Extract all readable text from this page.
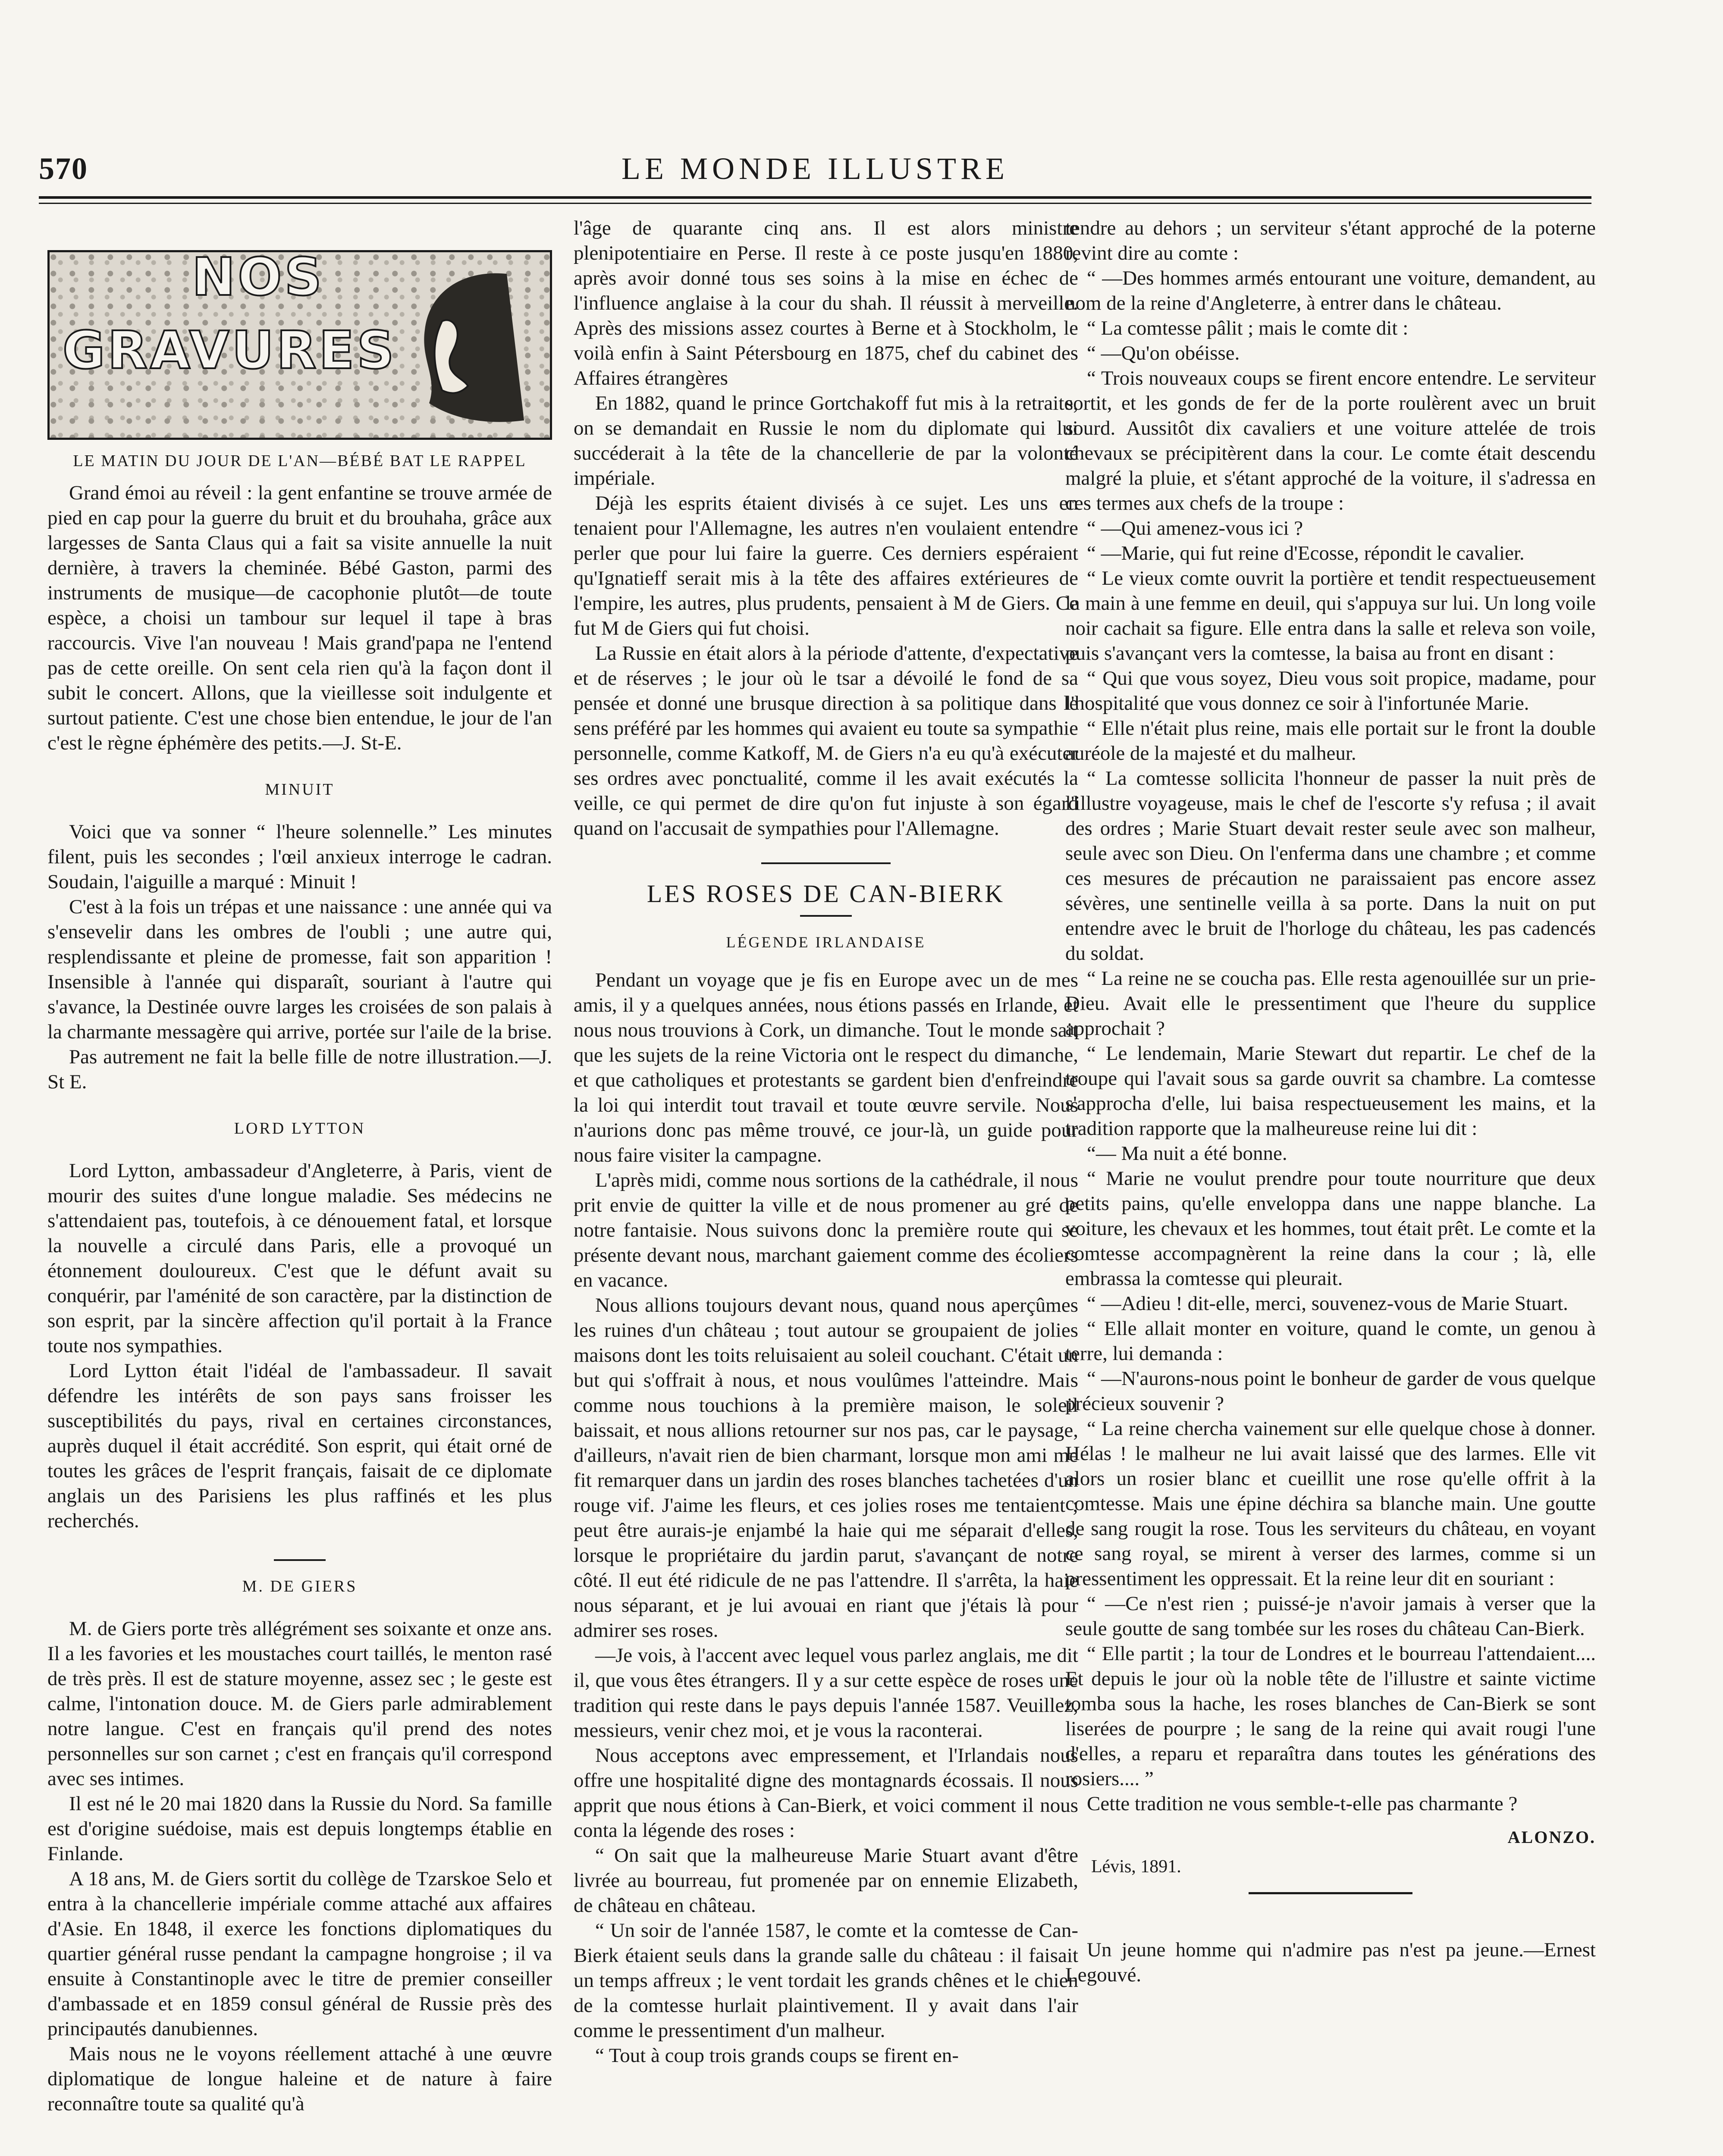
570	LE MONDE ILLUSTRE
NOS
GRAVURES
LE MATIN DU JOUR DE L'AN—BÉBÉ BAT LE RAPPEL

Grand émoi au réveil : la gent enfantine se trouve armée de pied en cap pour la guerre du bruit et du brouhaha, grâce aux largesses de Santa Claus qui a fait sa visite annuelle la nuit dernière, à travers la cheminée. Bébé Gaston, parmi des instruments de musique—de cacophonie plutôt—de toute espèce, a choisi un tambour sur lequel il tape à bras raccourcis. Vive l'an nouveau ! Mais grand'papa ne l'entend pas de cette oreille. On sent cela rien qu'à la façon dont il subit le concert. Allons, que la vieillesse soit indulgente et surtout patiente. C'est une chose bien entendue, le jour de l'an c'est le règne éphémère des petits.—J. St-E.

MINUIT

Voici que va sonner “ l'heure solennelle.” Les minutes filent, puis les secondes ; l'œil anxieux interroge le cadran. Soudain, l'aiguille a marqué : Minuit !

C'est à la fois un trépas et une naissance : une année qui va s'ensevelir dans les ombres de l'oubli ; une autre qui, resplendissante et pleine de promesse, fait son apparition ! Insensible à l'année qui disparaît, souriant à l'autre qui s'avance, la Destinée ouvre larges les croisées de son palais à la charmante messagère qui arrive, portée sur l'aile de la brise.

Pas autrement ne fait la belle fille de notre illustration.—J. St E.

LORD LYTTON

Lord Lytton, ambassadeur d'Angleterre, à Paris, vient de mourir des suites d'une longue maladie. Ses médecins ne s'attendaient pas, toutefois, à ce dénouement fatal, et lorsque la nouvelle a circulé dans Paris, elle a provoqué un étonnement douloureux. C'est que le défunt avait su conquérir, par l'aménité de son caractère, par la distinction de son esprit, par la sincère affection qu'il portait à la France toute nos sympathies.

Lord Lytton était l'idéal de l'ambassadeur. Il savait défendre les intérêts de son pays sans froisser les susceptibilités du pays, rival en certaines circonstances, auprès duquel il était accrédité. Son esprit, qui était orné de toutes les grâces de l'esprit français, faisait de ce diplomate anglais un des Parisiens les plus raffinés et les plus recherchés.

M. DE GIERS

M. de Giers porte très allégrément ses soixante et onze ans. Il a les favories et les moustaches court taillés, le menton rasé de très près. Il est de stature moyenne, assez sec ; le geste est calme, l'intonation douce. M. de Giers parle admirablement notre langue. C'est en français qu'il prend des notes personnelles sur son carnet ; c'est en français qu'il correspond avec ses intimes.

Il est né le 20 mai 1820 dans la Russie du Nord. Sa famille est d'origine suédoise, mais est depuis longtemps établie en Finlande.

A 18 ans, M. de Giers sortit du collège de Tzarskoe Selo et entra à la chancellerie impériale comme attaché aux affaires d'Asie. En 1848, il exerce les fonctions diplomatiques du quartier général russe pendant la campagne hongroise ; il va ensuite à Constantinople avec le titre de premier conseiller d'ambassade et en 1859 consul général de Russie près des principautés danubiennes.

Mais nous ne le voyons réellement attaché à une œuvre diplomatique de longue haleine et de nature à faire reconnaître toute sa qualité qu'à

l'âge de quarante cinq ans. Il est alors ministre plenipotentiaire en Perse. Il reste à ce poste jusqu'en 1880, après avoir donné tous ses soins à la mise en échec de l'influence anglaise à la cour du shah. Il réussit à merveille. Après des missions assez courtes à Berne et à Stockholm, le voilà enfin à Saint Pétersbourg en 1875, chef du cabinet des Affaires étrangères

En 1882, quand le prince Gortchakoff fut mis à la retraite, on se demandait en Russie le nom du diplomate qui lui succéderait à la tête de la chancellerie de par la volonté impériale.

Déjà les esprits étaient divisés à ce sujet. Les uns en tenaient pour l'Allemagne, les autres n'en voulaient entendre perler que pour lui faire la guerre. Ces derniers espéraient qu'Ignatieff serait mis à la tête des affaires extérieures de l'empire, les autres, plus prudents, pensaient à M de Giers. Ce fut M de Giers qui fut choisi.

La Russie en était alors à la période d'attente, d'expectative et de réserves ; le jour où le tsar a dévoilé le fond de sa pensée et donné une brusque direction à sa politique dans le sens préféré par les hommes qui avaient eu toute sa sympathie personnelle, comme Katkoff, M. de Giers n'a eu qu'à exécuter ses ordres avec ponctualité, comme il les avait exécutés la veille, ce qui permet de dire qu'on fut injuste à son égard quand on l'accusait de sympathies pour l'Allemagne.

LES ROSES DE CAN-BIERK
LÉGENDE IRLANDAISE

Pendant un voyage que je fis en Europe avec un de mes amis, il y a quelques années, nous étions passés en Irlande, et nous nous trouvions à Cork, un dimanche. Tout le monde sait que les sujets de la reine Victoria ont le respect du dimanche, et que catholiques et protestants se gardent bien d'enfreindre la loi qui interdit tout travail et toute œuvre servile. Nous n'aurions donc pas même trouvé, ce jour-là, un guide pour nous faire visiter la campagne.

L'après midi, comme nous sortions de la cathédrale, il nous prit envie de quitter la ville et de nous promener au gré de notre fantaisie. Nous suivons donc la première route qui se présente devant nous, marchant gaiement comme des écoliers en vacance.

Nous allions toujours devant nous, quand nous aperçûmes les ruines d'un château ; tout autour se groupaient de jolies maisons dont les toits reluisaient au soleil couchant. C'était un but qui s'offrait à nous, et nous voulûmes l'atteindre. Mais comme nous touchions à la première maison, le soleil baissait, et nous allions retourner sur nos pas, car le paysage, d'ailleurs, n'avait rien de bien charmant, lorsque mon ami me fit remarquer dans un jardin des roses blanches tachetées d'un rouge vif. J'aime les fleurs, et ces jolies roses me tentaient ; peut être aurais-je enjambé la haie qui me séparait d'elles, lorsque le propriétaire du jardin parut, s'avançant de notre côté. Il eut été ridicule de ne pas l'attendre. Il s'arrêta, la haie nous séparant, et je lui avouai en riant que j'étais là pour admirer ses roses.

—Je vois, à l'accent avec lequel vous parlez anglais, me dit il, que vous êtes étrangers. Il y a sur cette espèce de roses une tradition qui reste dans le pays depuis l'année 1587. Veuillez, messieurs, venir chez moi, et je vous la raconterai.

Nous acceptons avec empressement, et l'Irlandais nous offre une hospitalité digne des montagnards écossais. Il nous apprit que nous étions à Can-Bierk, et voici comment il nous conta la légende des roses :

“ On sait que la malheureuse Marie Stuart avant d'être livrée au bourreau, fut promenée par on ennemie Elizabeth, de château en château.

“ Un soir de l'année 1587, le comte et la comtesse de Can-Bierk étaient seuls dans la grande salle du château : il faisait un temps affreux ; le vent tordait les grands chênes et le chien de la comtesse hurlait plaintivement. Il y avait dans l'air comme le pressentiment d'un malheur.

“ Tout à coup trois grands coups se firent en-

tendre au dehors ; un serviteur s'étant approché de la poterne revint dire au comte :

“ —Des hommes armés entourant une voiture, demandent, au nom de la reine d'Angleterre, à entrer dans le château.

“ La comtesse pâlit ; mais le comte dit :

“ —Qu'on obéisse.

“ Trois nouveaux coups se firent encore entendre. Le serviteur sortit, et les gonds de fer de la porte roulèrent avec un bruit sourd. Aussitôt dix cavaliers et une voiture attelée de trois chevaux se précipitèrent dans la cour. Le comte était descendu malgré la pluie, et s'étant approché de la voiture, il s'adressa en ces termes aux chefs de la troupe :

“ —Qui amenez-vous ici ?

“ —Marie, qui fut reine d'Ecosse, répondit le cavalier.

“ Le vieux comte ouvrit la portière et tendit respectueusement la main à une femme en deuil, qui s'appuya sur lui. Un long voile noir cachait sa figure. Elle entra dans la salle et releva son voile, puis s'avançant vers la comtesse, la baisa au front en disant :

“ Qui que vous soyez, Dieu vous soit propice, madame, pour l'hospitalité que vous donnez ce soir à l'infortunée Marie.

“ Elle n'était plus reine, mais elle portait sur le front la double auréole de la majesté et du malheur.

“ La comtesse sollicita l'honneur de passer la nuit près de l'illustre voyageuse, mais le chef de l'escorte s'y refusa ; il avait des ordres ; Marie Stuart devait rester seule avec son malheur, seule avec son Dieu. On l'enferma dans une chambre ; et comme ces mesures de précaution ne paraissaient pas encore assez sévères, une sentinelle veilla à sa porte. Dans la nuit on put entendre avec le bruit de l'horloge du château, les pas cadencés du soldat.

“ La reine ne se coucha pas. Elle resta agenouillée sur un prie-Dieu. Avait elle le pressentiment que l'heure du supplice approchait ?

“ Le lendemain, Marie Stewart dut repartir. Le chef de la troupe qui l'avait sous sa garde ouvrit sa chambre. La comtesse s'approcha d'elle, lui baisa respectueusement les mains, et la tradition rapporte que la malheureuse reine lui dit :

“— Ma nuit a été bonne.

“ Marie ne voulut prendre pour toute nourriture que deux petits pains, qu'elle enveloppa dans une nappe blanche. La voiture, les chevaux et les hommes, tout était prêt. Le comte et la comtesse accompagnèrent la reine dans la cour ; là, elle embrassa la comtesse qui pleurait.

“ —Adieu ! dit-elle, merci, souvenez-vous de Marie Stuart.

“ Elle allait monter en voiture, quand le comte, un genou à terre, lui demanda :

“ —N'aurons-nous point le bonheur de garder de vous quelque précieux souvenir ?

“ La reine chercha vainement sur elle quelque chose à donner. Hélas ! le malheur ne lui avait laissé que des larmes. Elle vit alors un rosier blanc et cueillit une rose qu'elle offrit à la comtesse. Mais une épine déchira sa blanche main. Une goutte de sang rougit la rose. Tous les serviteurs du château, en voyant ce sang royal, se mirent à verser des larmes, comme si un pressentiment les oppressait. Et la reine leur dit en souriant :

“ —Ce n'est rien ; puissé-je n'avoir jamais à verser que la seule goutte de sang tombée sur les roses du château Can-Bierk.

“ Elle partit ; la tour de Londres et le bourreau l'attendaient.... Et depuis le jour où la noble tête de l'illustre et sainte victime tomba sous la hache, les roses blanches de Can-Bierk se sont liserées de pourpre ; le sang de la reine qui avait rougi l'une d'elles, a reparu et reparaîtra dans toutes les générations des rosiers.... ”

Cette tradition ne vous semble-t-elle pas charmante ?

ALONZO.
Lévis, 1891.

Un jeune homme qui n'admire pas n'est pa jeune.—Ernest Legouvé.
